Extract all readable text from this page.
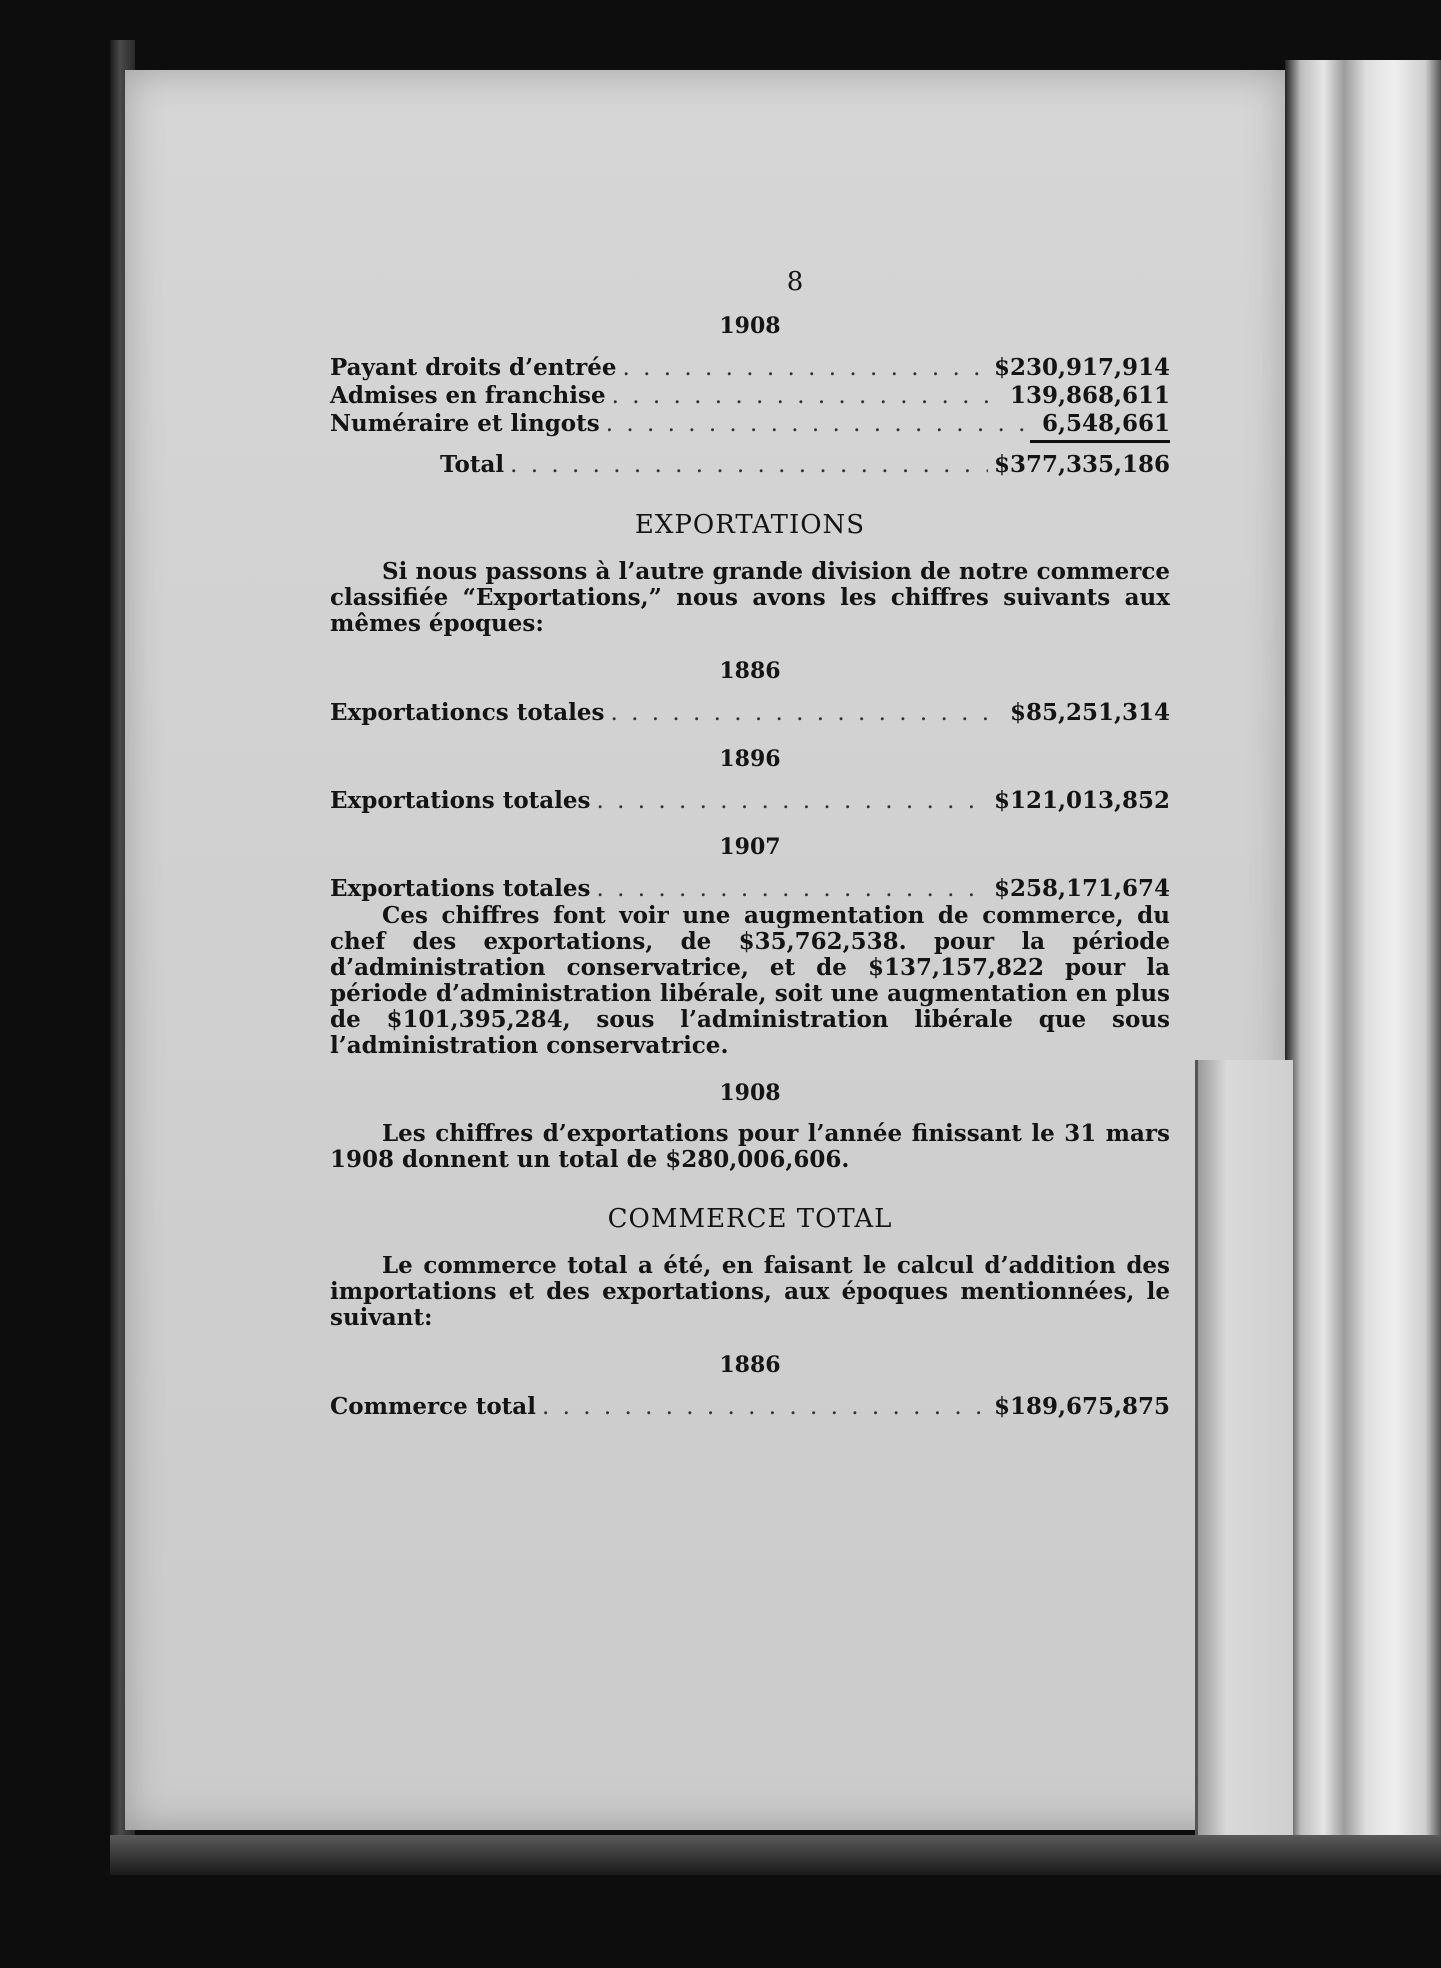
8
1908
Payant droits d’entrée . . .	$230,917,914
Admises en franchise . . .	139,868,611
Numéraire et lingots . . .	6,548,661
Total . . .	$377,335,186
EXPORTATIONS

Si nous passons à l’autre grande division de notre commerce classifiée “Exportations,” nous avons les chiffres suivants aux mêmes époques:

1886
Exportationcs totales . . .	$85,251,314
1896
Exportations totales . . .	$121,013,852
1907
Exportations totales . . .	$258,171,674

Ces chiffres font voir une augmentation de commerce, du chef des exportations, de $35,762,538. pour la période d’administration conservatrice, et de $137,157,822 pour la période d’administration libérale, soit une augmentation en plus de $101,395,284, sous l’administration libérale que sous l’administration conservatrice.

1908

Les chiffres d’exportations pour l’année finissant le 31 mars 1908 donnent un total de $280,006,606.

COMMERCE TOTAL

Le commerce total a été, en faisant le calcul d’addition des importations et des exportations, aux époques mentionnées, le suivant:

1886
Commerce total . . .	$189,675,875
